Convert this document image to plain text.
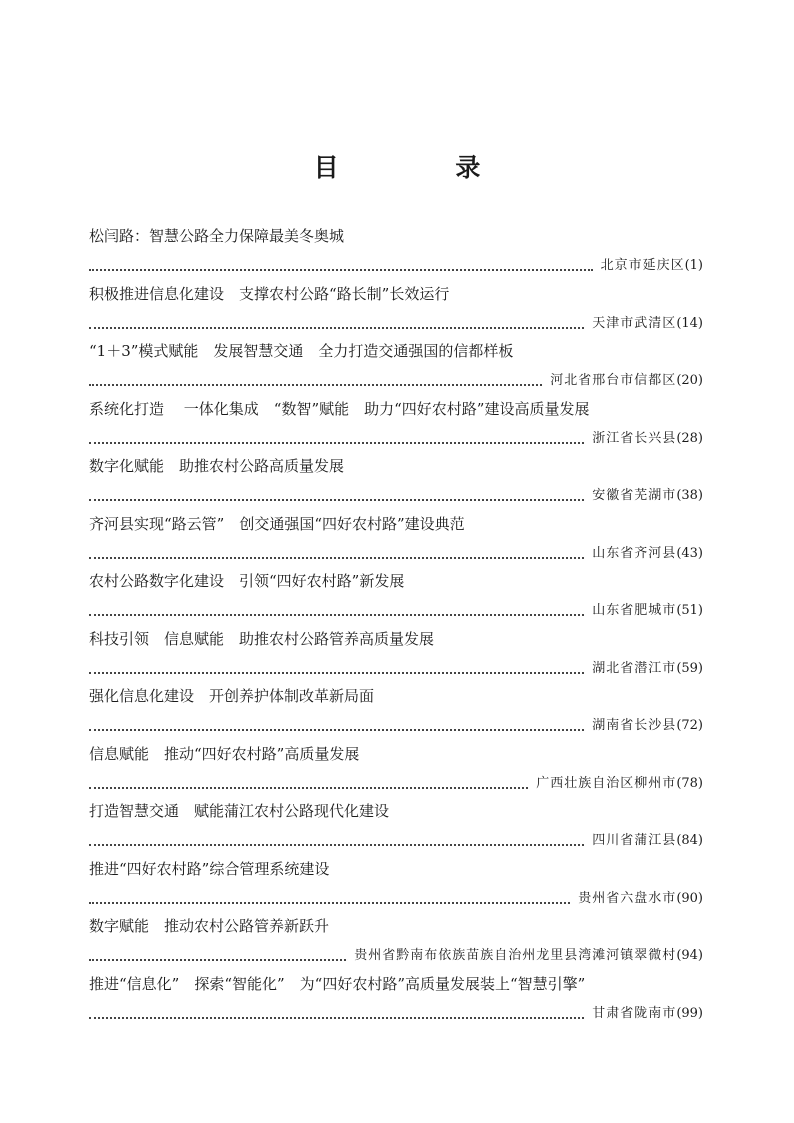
目 录
松闫路：智慧公路全力保障最美冬奥城
北京市延庆区 (1)
积极推进信息化建设　支撑农村公路“路长制”长效运行
天津市武清区 (14)
“1＋3”模式赋能　发展智慧交通　全力打造交通强国的信都样板
河北省邢台市信都区 (20)
系统化打造　 一体化集成　“数智”赋能　助力“四好农村路”建设高质量发展
浙江省长兴县 (28)
数字化赋能　助推农村公路高质量发展
安徽省芜湖市 (38)
齐河县实现“路云管”　创交通强国“四好农村路”建设典范
山东省齐河县 (43)
农村公路数字化建设　引领“四好农村路”新发展
山东省肥城市 (51)
科技引领　信息赋能　助推农村公路管养高质量发展
湖北省潜江市 (59)
强化信息化建设　开创养护体制改革新局面
湖南省长沙县 (72)
信息赋能　推动“四好农村路”高质量发展
广西壮族自治区柳州市 (78)
打造智慧交通　赋能蒲江农村公路现代化建设
四川省蒲江县 (84)
推进“四好农村路”综合管理系统建设
贵州省六盘水市 (90)
数字赋能　推动农村公路管养新跃升
贵州省黔南布依族苗族自治州龙里县湾滩河镇翠微村 (94)
推进“信息化”　探索“智能化”　为“四好农村路”高质量发展装上“智慧引擎”
甘肃省陇南市 (99)
